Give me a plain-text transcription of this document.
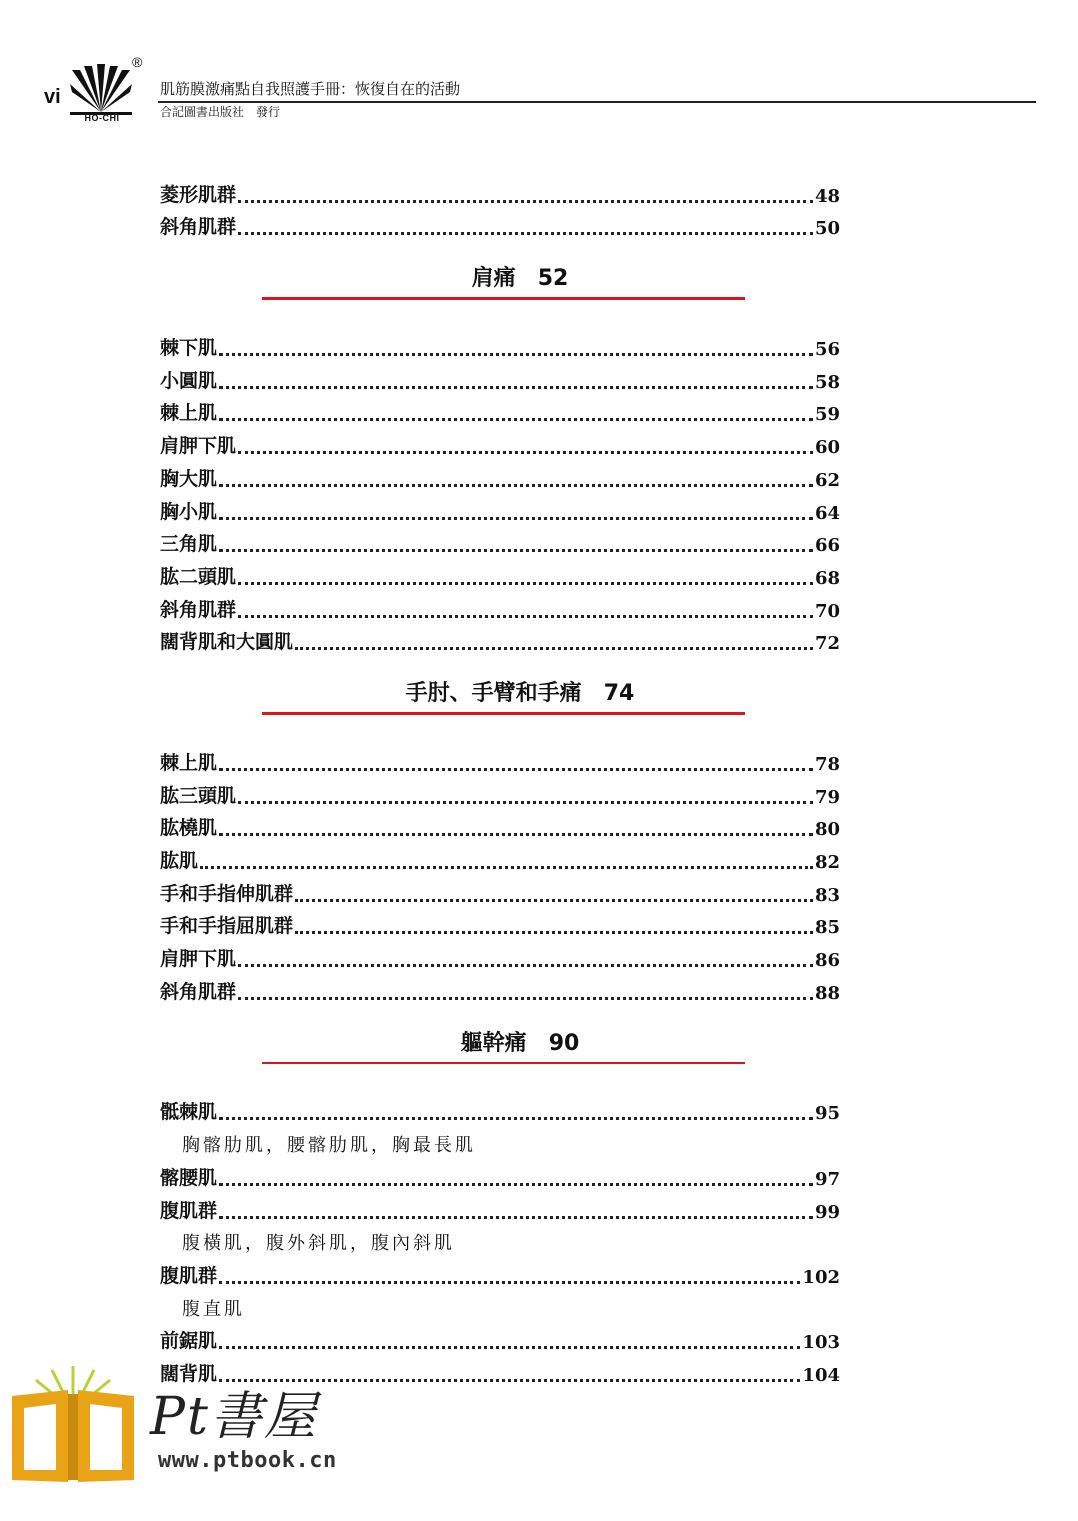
vi
HO-CHI
®
肌筋膜激痛點自我照護手冊：恢復自在的活動
合記圖書出版社　發行
菱形肌群	48
斜角肌群	50
肩痛 52
棘下肌	56
小圓肌	58
棘上肌	59
肩胛下肌	60
胸大肌	62
胸小肌	64
三角肌	66
肱二頭肌	68
斜角肌群	70
闊背肌和大圓肌	72
手肘、手臂和手痛 74
棘上肌	78
肱三頭肌	79
肱橈肌	80
肱肌	82
手和手指伸肌群	83
手和手指屈肌群	85
肩胛下肌	86
斜角肌群	88
軀幹痛 90
骶棘肌	95
胸髂肋肌，腰髂肋肌，胸最長肌
髂腰肌	97
腹肌群	99
腹橫肌，腹外斜肌，腹內斜肌
腹肌群	102
腹直肌
前鋸肌	103
闊背肌	104
Pt書屋
www.ptbook.cn
